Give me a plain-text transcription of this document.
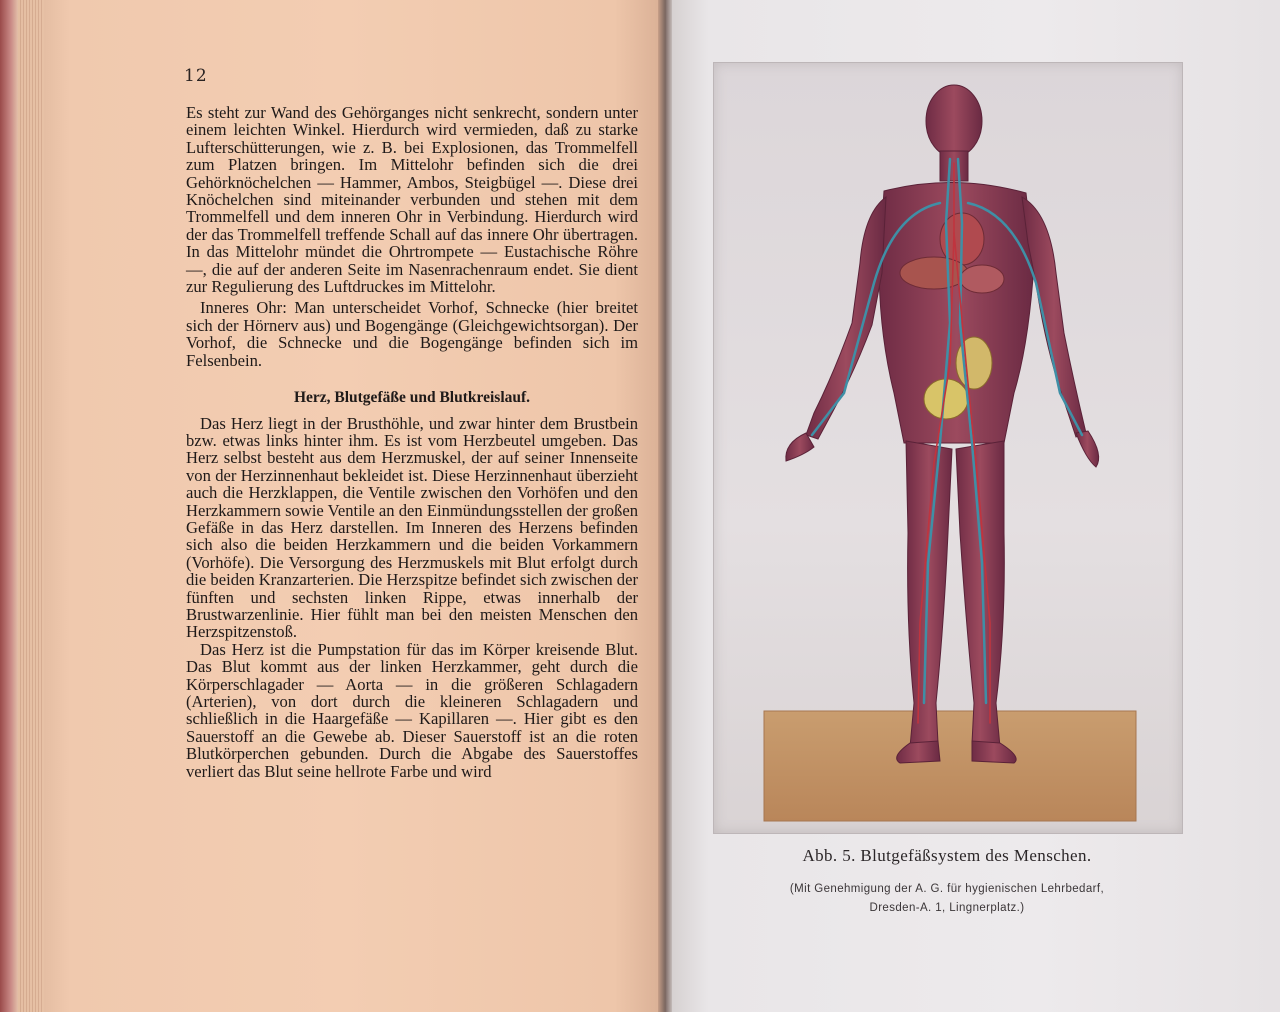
12

Es steht zur Wand des Gehörganges nicht senkrecht, sondern unter einem leichten Winkel. Hierdurch wird vermieden, daß zu starke Lufterschütterungen, wie z. B. bei Explosionen, das Trommelfell zum Platzen bringen. Im Mittelohr befinden sich die drei Gehörknöchelchen — Hammer, Ambos, Steigbügel —. Diese drei Knöchelchen sind miteinander verbunden und stehen mit dem Trommelfell und dem inneren Ohr in Verbindung. Hierdurch wird der das Trommelfell treffende Schall auf das innere Ohr übertragen. In das Mittelohr mündet die Ohrtrompete — Eustachische Röhre —, die auf der anderen Seite im Nasenrachenraum endet. Sie dient zur Regulierung des Luftdruckes im Mittelohr.

Inneres Ohr: Man unterscheidet Vorhof, Schnecke (hier breitet sich der Hörnerv aus) und Bogengänge (Gleichgewichtsorgan). Der Vorhof, die Schnecke und die Bogengänge befinden sich im Felsenbein.

Herz, Blutgefäße und Blutkreislauf.

Das Herz liegt in der Brusthöhle, und zwar hinter dem Brustbein bzw. etwas links hinter ihm. Es ist vom Herzbeutel umgeben. Das Herz selbst besteht aus dem Herzmuskel, der auf seiner Innenseite von der Herzinnenhaut bekleidet ist. Diese Herzinnenhaut überzieht auch die Herzklappen, die Ventile zwischen den Vorhöfen und den Herzkammern sowie Ventile an den Einmündungsstellen der großen Gefäße in das Herz darstellen. Im Inneren des Herzens befinden sich also die beiden Herzkammern und die beiden Vorkammern (Vorhöfe). Die Versorgung des Herzmuskels mit Blut erfolgt durch die beiden Kranzarterien. Die Herzspitze befindet sich zwischen der fünften und sechsten linken Rippe, etwas innerhalb der Brustwarzenlinie. Hier fühlt man bei den meisten Menschen den Herzspitzenstoß.

Das Herz ist die Pumpstation für das im Körper kreisende Blut. Das Blut kommt aus der linken Herzkammer, geht durch die Körperschlagader — Aorta — in die größeren Schlagadern (Arterien), von dort durch die kleineren Schlagadern und schließlich in die Haargefäße — Kapillaren —. Hier gibt es den Sauerstoff an die Gewebe ab. Dieser Sauerstoff ist an die roten Blutkörperchen gebunden. Durch die Abgabe des Sauerstoffes verliert das Blut seine hellrote Farbe und wird

Abb. 5. Blutgefäßsystem des Menschen.
(Mit Genehmigung der A. G. für hygienischen Lehrbedarf,
Dresden-A. 1, Lingnerplatz.)
